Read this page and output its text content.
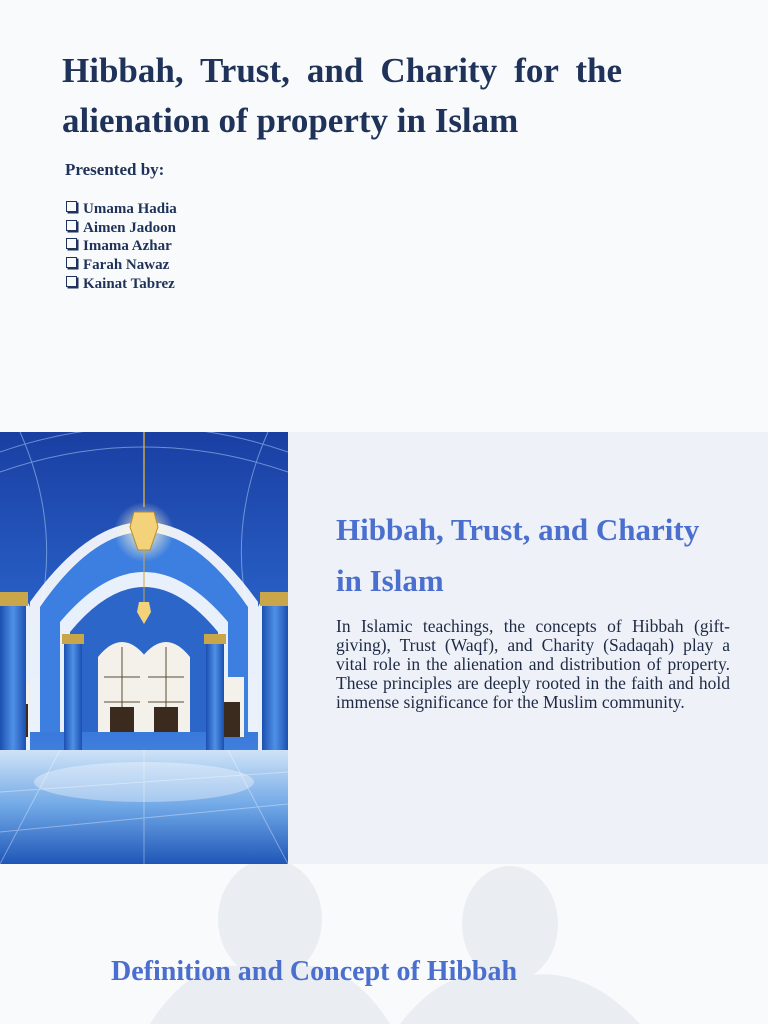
Hibbah, Trust, and Charity for the alienation of property in Islam

Presented by:

Umama Hadia
Aimen Jadoon
Imama Azhar
Farah Nawaz
Kainat Tabrez
Hibbah, Trust, and Charity in Islam

In Islamic teachings, the concepts of Hibbah (gift-giving), Trust (Waqf), and Charity (Sadaqah) play a vital role in the alienation and distribution of property. These principles are deeply rooted in the faith and hold immense significance for the Muslim community.

Definition and Concept of Hibbah
